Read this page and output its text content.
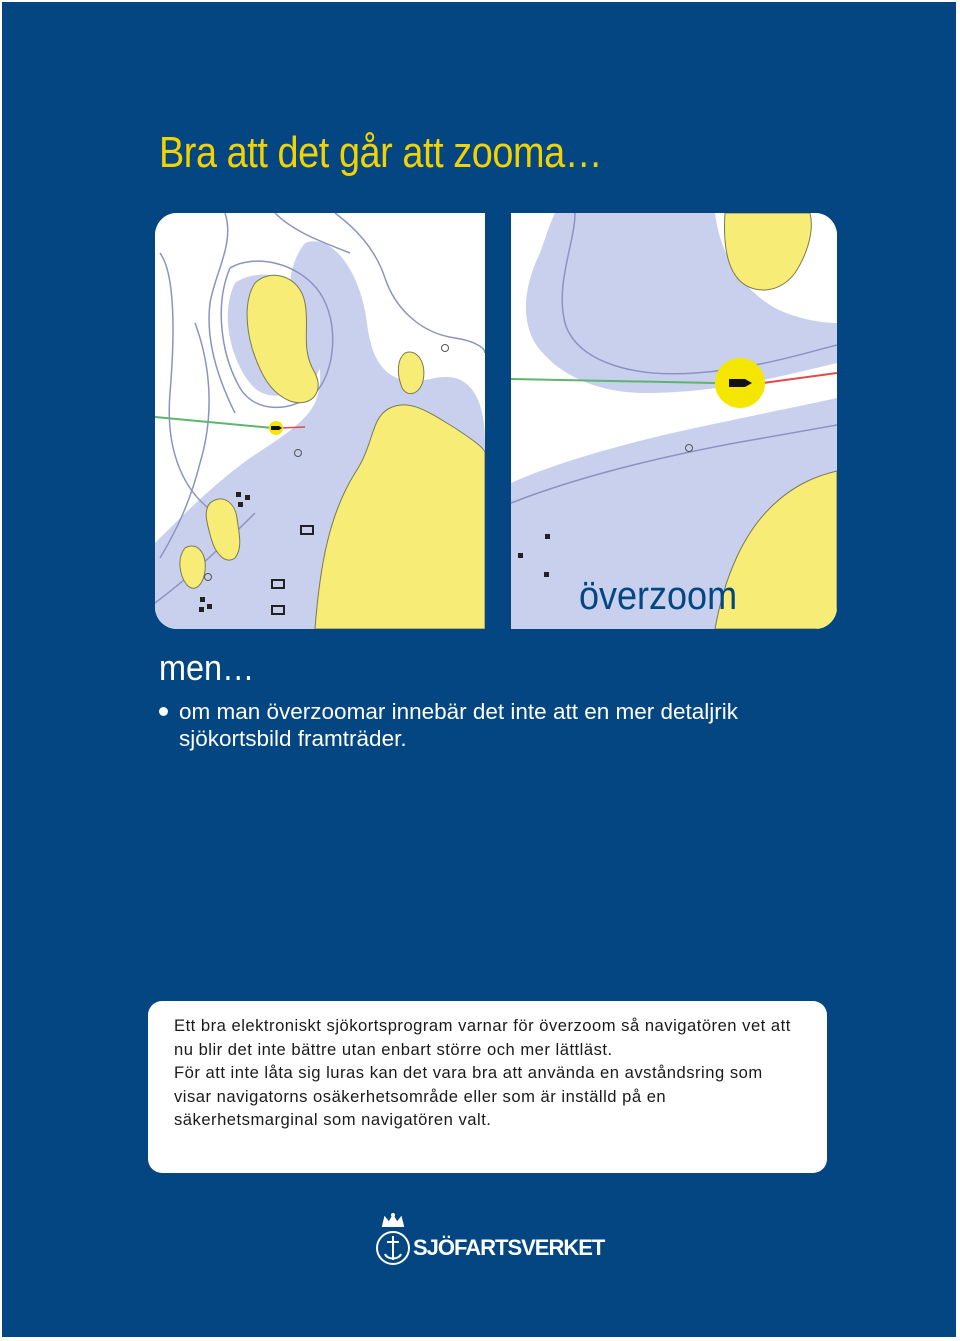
Bra att det går att zooma…
överzoom
men…
om man överzoomar innebär det inte att en mer detaljrik sjökortsbild framträder.

Ett bra elektroniskt sjökortsprogram varnar för överzoom så navigatören vet att nu blir det inte bättre utan enbart större och mer lättläst.
För att inte låta sig luras kan det vara bra att använda en avståndsring som visar navigatorns osäkerhetsområde eller som är inställd på en säkerhetsmarginal som navigatören valt.

SJÖFARTSVERKET
